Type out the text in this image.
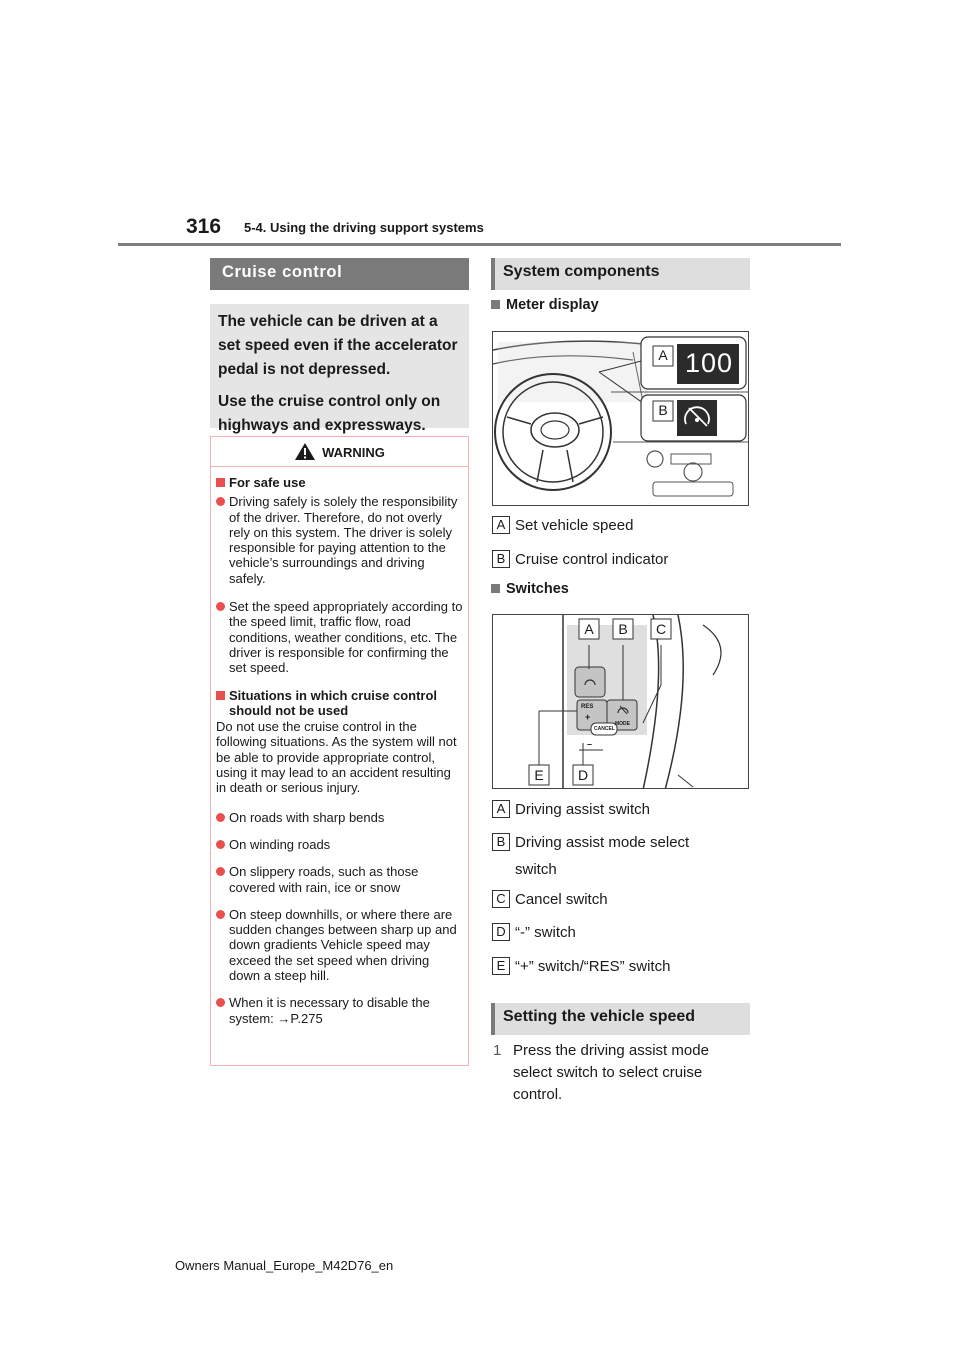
316 5-4. Using the driving support systems
Cruise control

The vehicle can be driven at a set speed even if the accelerator pedal is not depressed.

Use the cruise control only on highways and expressways.

WARNING
For safe use
Driving safely is solely the responsibility of the driver. Therefore, do not overly rely on this system. The driver is solely responsible for paying attention to the vehicle’s surroundings and driving safely.
Set the speed appropriately according to the speed limit, traffic flow, road conditions, weather conditions, etc. The driver is responsible for confirming the set speed.
Situations in which cruise control should not be used
Do not use the cruise control in the following situations. As the system will not be able to provide appropriate control, using it may lead to an accident resulting in death or serious injury.
On roads with sharp bends
On winding roads
On slippery roads, such as those covered with rain, ice or snow
On steep downhills, or where there are sudden changes between sharp up and down gradients Vehicle speed may exceed the set speed when driving down a steep hill.
When it is necessary to disable the system: →P.275
System components
Meter display
100
A
B
A Set vehicle speed
B Cruise control indicator
Switches
A	B	C
E	D
RES
+
MODE
CANCEL
–
A Driving assist switch
B Driving assist mode select switch
C Cancel switch
D “-” switch
E “+” switch/“RES” switch
Setting the vehicle speed
1 Press the driving assist mode select switch to select cruise control.
Owners Manual_Europe_M42D76_en
